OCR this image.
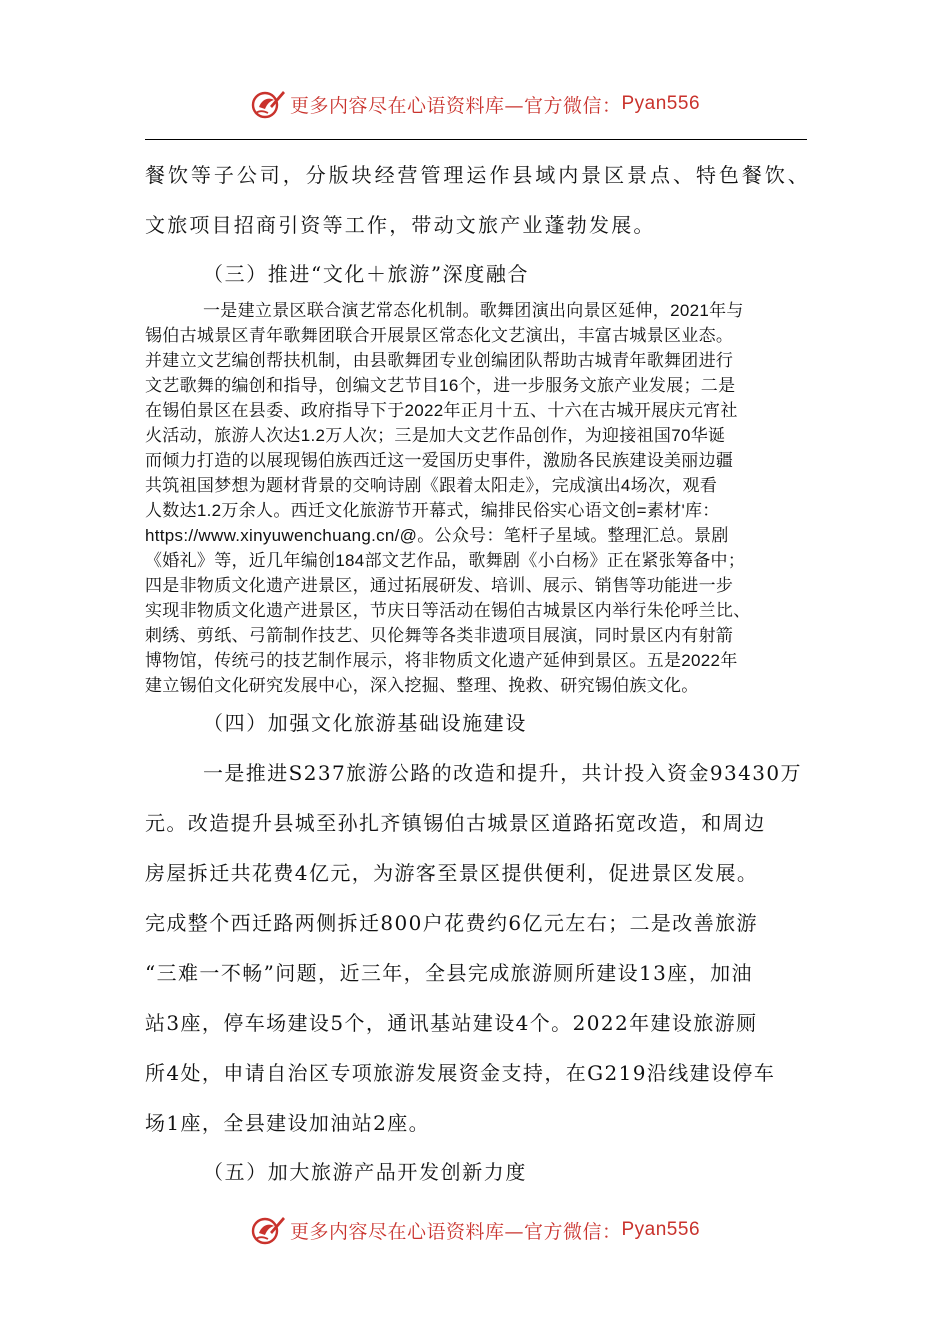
更多内容尽在心语资料库—官方微信： Pyan556

餐饮等子公司，分版块经营管理运作县域内景区景点、特色餐饮、

文旅项目招商引资等工作，带动文旅产业蓬勃发展。

（三）推进“文化＋旅游”深度融合

一是建立景区联合演艺常态化机制。歌舞团演出向景区延伸，2021年与

锡伯古城景区青年歌舞团联合开展景区常态化文艺演出，丰富古城景区业态。

并建立文艺编创帮扶机制，由县歌舞团专业创编团队帮助古城青年歌舞团进行

文艺歌舞的编创和指导，创编文艺节目16个，进一步服务文旅产业发展；二是

在锡伯景区在县委、政府指导下于2022年正月十五、十六在古城开展庆元宵社

火活动，旅游人次达1.2万人次；三是加大文艺作品创作，为迎接祖国70华诞

而倾力打造的以展现锡伯族西迁这一爱国历史事件，激励各民族建设美丽边疆

共筑祖国梦想为题材背景的交响诗剧《跟着太阳走》，完成演出4场次，观看

人数达1.2万余人。西迁文化旅游节开幕式，编排民俗实心语文创=素材'库：

https://www.xinyuwenchuang.cn/@。公众号：笔杆子星域。整理汇总。景剧

《婚礼》等，近几年编创184部文艺作品，歌舞剧《小白杨》正在紧张筹备中；

四是非物质文化遗产进景区，通过拓展研发、培训、展示、销售等功能进一步

实现非物质文化遗产进景区，节庆日等活动在锡伯古城景区内举行朱伦呼兰比、

刺绣、剪纸、弓箭制作技艺、贝伦舞等各类非遗项目展演，同时景区内有射箭

博物馆，传统弓的技艺制作展示，将非物质文化遗产延伸到景区。五是2022年

建立锡伯文化研究发展中心，深入挖掘、整理、挽救、研究锡伯族文化。

（四）加强文化旅游基础设施建设

一是推进S237旅游公路的改造和提升，共计投入资金93430万

元。改造提升县城至孙扎齐镇锡伯古城景区道路拓宽改造，和周边

房屋拆迁共花费4亿元，为游客至景区提供便利，促进景区发展。

完成整个西迁路两侧拆迁800户花费约6亿元左右；二是改善旅游

“三难一不畅”问题，近三年，全县完成旅游厕所建设13座，加油

站3座，停车场建设5个，通讯基站建设4个。2022年建设旅游厕

所4处，申请自治区专项旅游发展资金支持，在G219沿线建设停车

场1座，全县建设加油站2座。

（五）加大旅游产品开发创新力度

更多内容尽在心语资料库—官方微信： Pyan556
